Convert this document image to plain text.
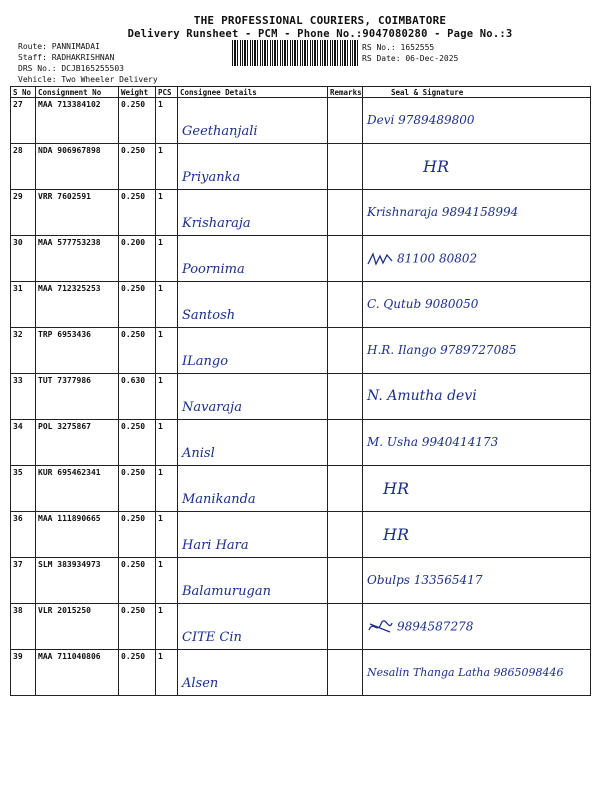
THE PROFESSIONAL COURIERS, COIMBATORE
Delivery Runsheet - PCM - Phone No.:9047080280 - Page No.:3
Route: PANNIMADAI
Staff: RADHAKRISHNAN
DRS No.: DCJB165255503
Vehicle: Two Wheeler Delivery
RS No.: 1652555
RS Date: 06-Dec-2025
S No	Consignment No	Weight	PCS	Consignee Details	Remarks	Seal & Signature
27	MAA 713384102	0.250	1	Geethanjali		Devi 9789489800
28	NDA 906967898	0.250	1	Priyanka		HR
29	VRR 7602591	0.250	1	Krisharaja		Krishnaraja 9894158994
30	MAA 577753238	0.200	1	Poornima		81100 80802
31	MAA 712325253	0.250	1	Santosh		C. Qutub 9080050
32	TRP 6953436	0.250	1	ILango		H.R. Ilango 9789727085
33	TUT 7377986	0.630	1	Navaraja		N. Amutha devi
34	POL 3275867	0.250	1	Anisl		M. Usha 9940414173
35	KUR 695462341	0.250	1	Manikanda		HR
36	MAA 111890665	0.250	1	Hari Hara		HR
37	SLM 383934973	0.250	1	Balamurugan		Obulps 133565417
38	VLR 2015250	0.250	1	CITE Cin		9894587278
39	MAA 711040806	0.250	1	Alsen		Nesalin Thanga Latha 9865098446
